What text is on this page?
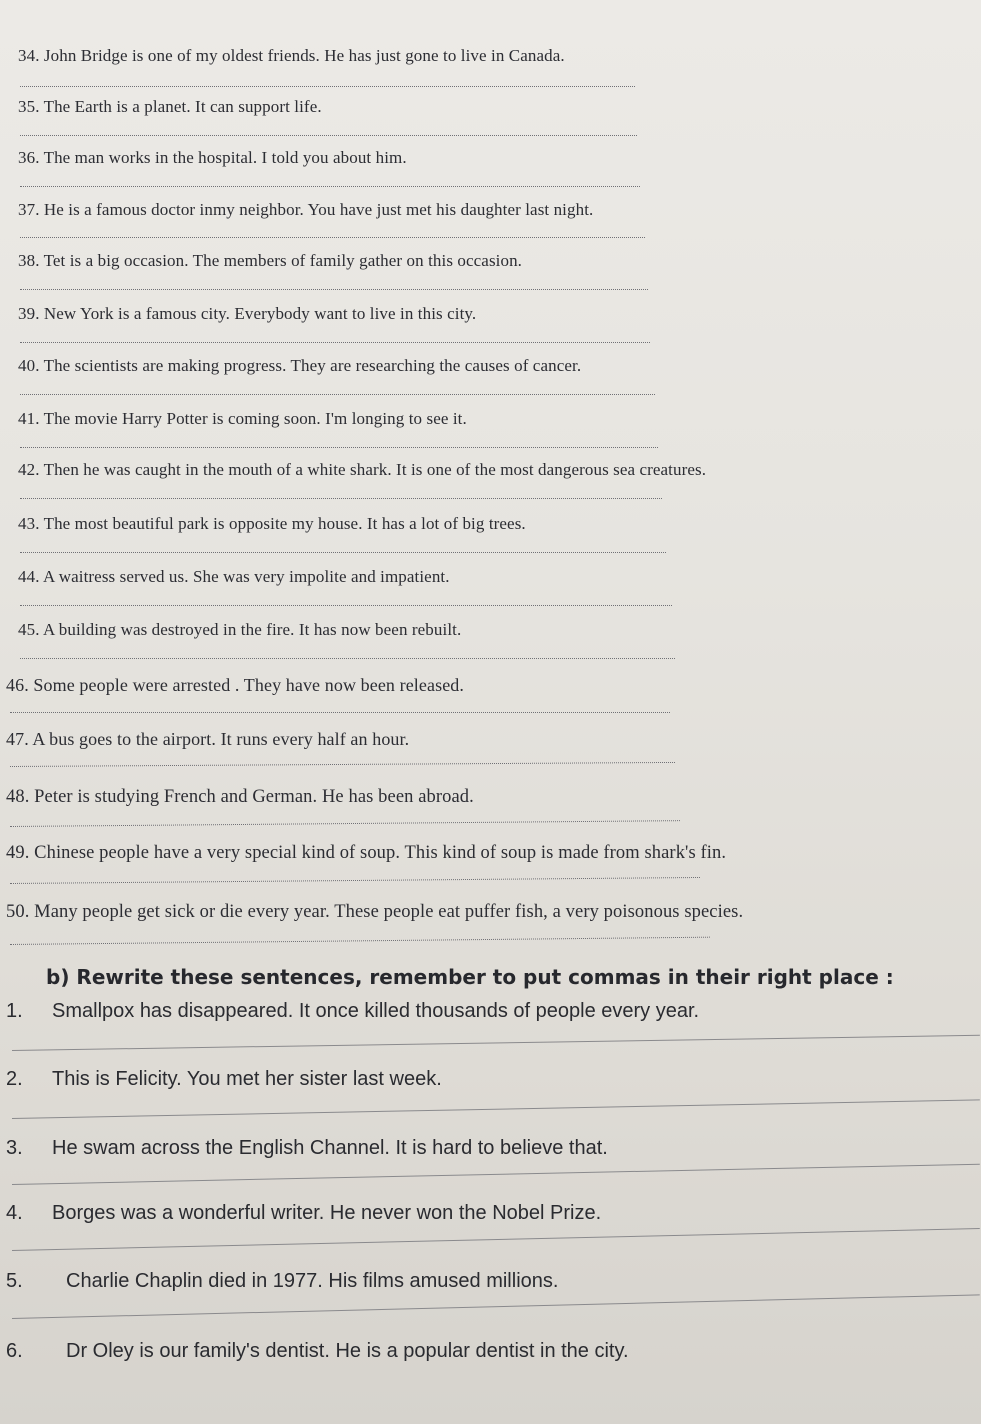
34. John Bridge is one of my oldest friends. He has just gone to live in Canada.
35. The Earth is a planet. It can support life.
36. The man works in the hospital. I told you about him.
37. He is a famous doctor inmy neighbor. You have just met his daughter last night.
38. Tet is a big occasion. The members of family gather on this occasion.
39. New York is a famous city. Everybody want to live in this city.
40. The scientists are making progress. They are researching the causes of cancer.
41. The movie Harry Potter is coming soon. I'm longing to see it.
42. Then he was caught in the mouth of a white shark. It is one of the most dangerous sea creatures.
43. The most beautiful park is opposite my house. It has a lot of big trees.
44. A waitress served us. She was very impolite and impatient.
45. A building was destroyed in the fire. It has now been rebuilt.
46. Some people were arrested . They have now been released.
47. A bus goes to the airport. It runs every half an hour.
48. Peter is studying French and German. He has been abroad.
49. Chinese people have a very special kind of soup. This kind of soup is made from shark's fin.
50. Many people get sick or die every year. These people eat puffer fish, a very poisonous species.
b) Rewrite these sentences, remember to put commas in their right place :
1. Smallpox has disappeared. It once killed thousands of people every year.
2. This is Felicity. You met her sister last week.
3. He swam across the English Channel. It is hard to believe that.
4. Borges was a wonderful writer. He never won the Nobel Prize.
5. Charlie Chaplin died in 1977. His films amused millions.
6. Dr Oley is our family's dentist. He is a popular dentist in the city.
